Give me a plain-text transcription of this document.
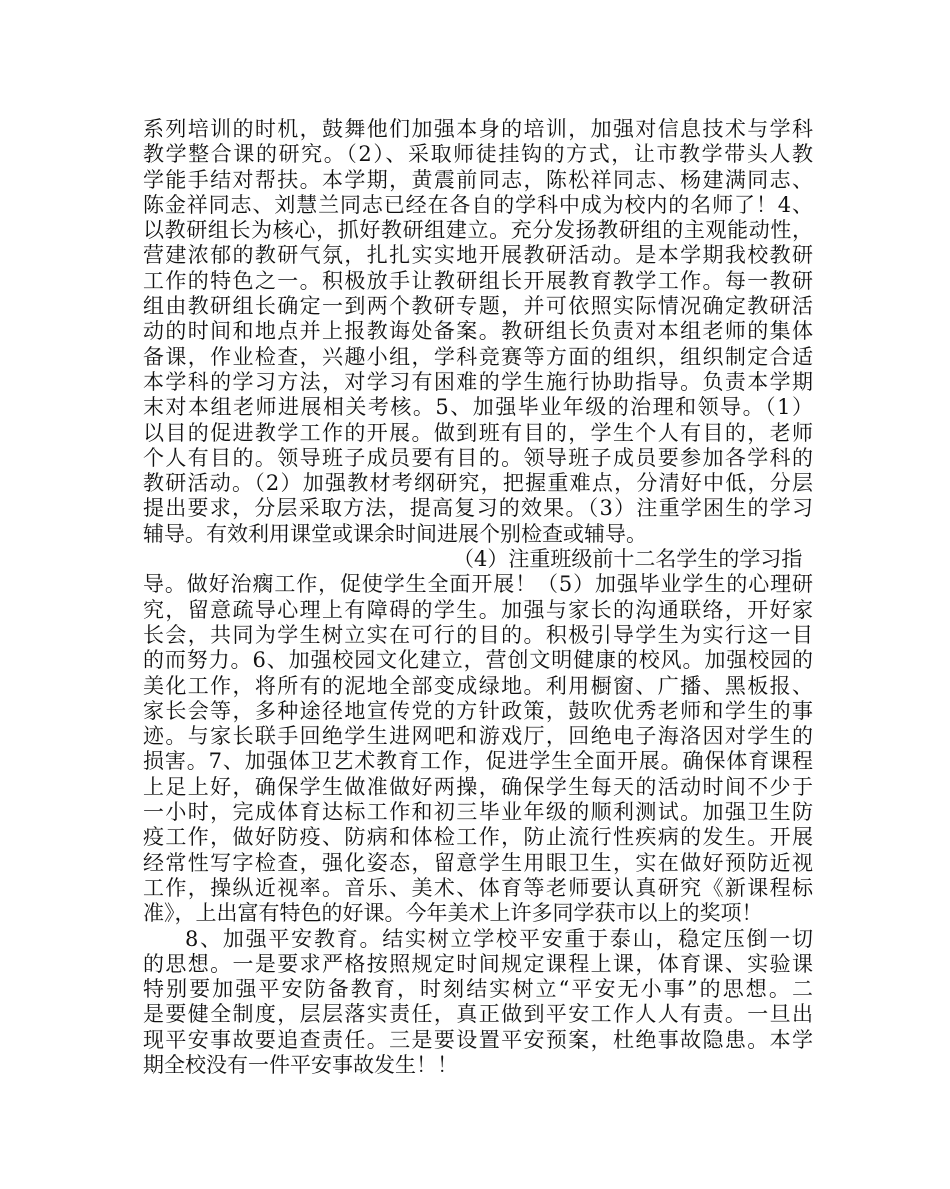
系列培训的时机，鼓舞他们加强本身的培训，加强对信息技术与学科
教学整合课的研究。（2）、采取师徒挂钩的方式，让市教学带头人教
学能手结对帮扶。本学期，黄震前同志，陈松祥同志、杨建满同志、
陈金祥同志、刘慧兰同志已经在各自的学科中成为校内的名师了！4、
以教研组长为核心，抓好教研组建立。充分发扬教研组的主观能动性，
营建浓郁的教研气氛，扎扎实实地开展教研活动。是本学期我校教研
工作的特色之一。积极放手让教研组长开展教育教学工作。每一教研
组由教研组长确定一到两个教研专题，并可依照实际情况确定教研活
动的时间和地点并上报教诲处备案。教研组长负责对本组老师的集体
备课，作业检查，兴趣小组，学科竞赛等方面的组织，组织制定合适
本学科的学习方法，对学习有困难的学生施行协助指导。负责本学期
末对本组老师进展相关考核。5、加强毕业年级的治理和领导。（1）
以目的促进教学工作的开展。做到班有目的，学生个人有目的，老师
个人有目的。领导班子成员要有目的。领导班子成员要参加各学科的
教研活动。（2）加强教材考纲研究，把握重难点，分清好中低，分层
提出要求，分层采取方法，提高复习的效果。（3）注重学困生的学习
辅导。有效利用课堂或课余时间进展个别检查或辅导。
（4）注重班级前十二名学生的学习指
导。做好治瘸工作，促使学生全面开展！（5）加强毕业学生的心理研
究，留意疏导心理上有障碍的学生。加强与家长的沟通联络，开好家
长会，共同为学生树立实在可行的目的。积极引导学生为实行这一目
的而努力。6、加强校园文化建立，营创文明健康的校风。加强校园的
美化工作，将所有的泥地全部变成绿地。利用橱窗、广播、黑板报、
家长会等，多种途径地宣传党的方针政策，鼓吹优秀老师和学生的事
迹。与家长联手回绝学生进网吧和游戏厅，回绝电子海洛因对学生的
损害。7、加强体卫艺术教育工作，促进学生全面开展。确保体育课程
上足上好，确保学生做准做好两操，确保学生每天的活动时间不少于
一小时，完成体育达标工作和初三毕业年级的顺利测试。加强卫生防
疫工作，做好防疫、防病和体检工作，防止流行性疾病的发生。开展
经常性写字检查，强化姿态，留意学生用眼卫生，实在做好预防近视
工作，操纵近视率。音乐、美术、体育等老师要认真研究《新课程标
准》，上出富有特色的好课。今年美术上许多同学获市以上的奖项！
8、加强平安教育。结实树立学校平安重于泰山，稳定压倒一切
的思想。一是要求严格按照规定时间规定课程上课，体育课、实验课
特别要加强平安防备教育，时刻结实树立“平安无小事”的思想。二
是要健全制度，层层落实责任，真正做到平安工作人人有责。一旦出
现平安事故要追查责任。三是要设置平安预案，杜绝事故隐患。本学
期全校没有一件平安事故发生！！
